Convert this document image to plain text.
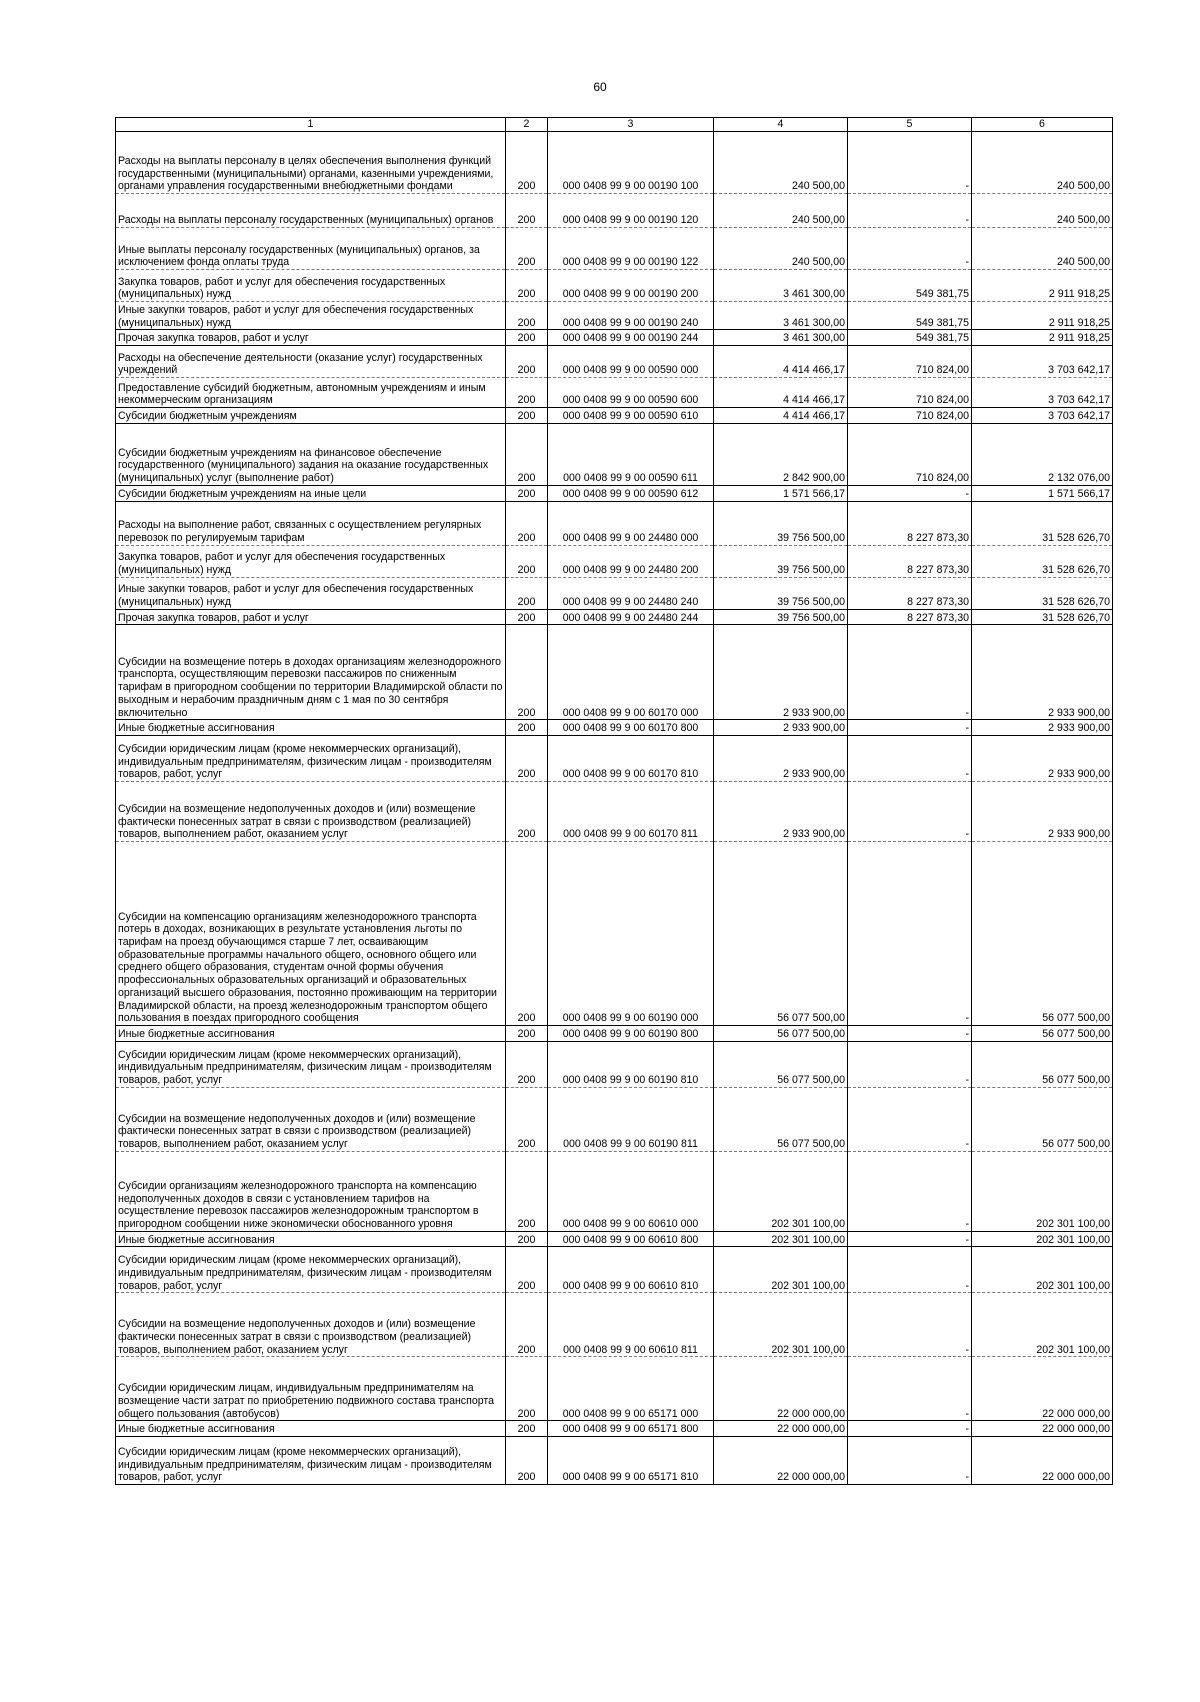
60
1	2	3	4	5	6
Расходы на выплаты персоналу в целях обеспечения выполнения функций государственными (муниципальными) органами, казенными учреждениями, органами управления государственными внебюджетными фондами	200	000 0408 99 9 00 00190 100	240 500,00	-	240 500,00
Расходы на выплаты персоналу государственных (муниципальных) органов	200	000 0408 99 9 00 00190 120	240 500,00	-	240 500,00
Иные выплаты персоналу государственных (муниципальных) органов, за исключением фонда оплаты труда	200	000 0408 99 9 00 00190 122	240 500,00	-	240 500,00
Закупка товаров, работ и услуг для обеспечения государственных (муниципальных) нужд	200	000 0408 99 9 00 00190 200	3 461 300,00	549 381,75	2 911 918,25
Иные закупки товаров, работ и услуг для обеспечения государственных (муниципальных) нужд	200	000 0408 99 9 00 00190 240	3 461 300,00	549 381,75	2 911 918,25
Прочая закупка товаров, работ и услуг	200	000 0408 99 9 00 00190 244	3 461 300,00	549 381,75	2 911 918,25
Расходы на обеспечение деятельности (оказание услуг) государственных учреждений	200	000 0408 99 9 00 00590 000	4 414 466,17	710 824,00	3 703 642,17
Предоставление субсидий бюджетным, автономным учреждениям и иным некоммерческим организациям	200	000 0408 99 9 00 00590 600	4 414 466,17	710 824,00	3 703 642,17
Субсидии бюджетным учреждениям	200	000 0408 99 9 00 00590 610	4 414 466,17	710 824,00	3 703 642,17
Субсидии бюджетным учреждениям на финансовое обеспечение государственного (муниципального) задания на оказание государственных (муниципальных) услуг (выполнение работ)	200	000 0408 99 9 00 00590 611	2 842 900,00	710 824,00	2 132 076,00
Субсидии бюджетным учреждениям на иные цели	200	000 0408 99 9 00 00590 612	1 571 566,17	-	1 571 566,17
Расходы на выполнение работ, связанных с осуществлением регулярных перевозок по регулируемым тарифам	200	000 0408 99 9 00 24480 000	39 756 500,00	8 227 873,30	31 528 626,70
Закупка товаров, работ и услуг для обеспечения государственных (муниципальных) нужд	200	000 0408 99 9 00 24480 200	39 756 500,00	8 227 873,30	31 528 626,70
Иные закупки товаров, работ и услуг для обеспечения государственных (муниципальных) нужд	200	000 0408 99 9 00 24480 240	39 756 500,00	8 227 873,30	31 528 626,70
Прочая закупка товаров, работ и услуг	200	000 0408 99 9 00 24480 244	39 756 500,00	8 227 873,30	31 528 626,70
Субсидии на возмещение потерь в доходах организациям железнодорожного транспорта, осуществляющим перевозки пассажиров по сниженным тарифам в пригородном сообщении по территории Владимирской области по выходным и нерабочим праздничным дням с 1 мая по 30 сентября включительно	200	000 0408 99 9 00 60170 000	2 933 900,00	-	2 933 900,00
Иные бюджетные ассигнования	200	000 0408 99 9 00 60170 800	2 933 900,00	-	2 933 900,00
Субсидии юридическим лицам (кроме некоммерческих организаций), индивидуальным предпринимателям, физическим лицам - производителям товаров, работ, услуг	200	000 0408 99 9 00 60170 810	2 933 900,00	-	2 933 900,00
Субсидии на возмещение недополученных доходов и (или) возмещение фактически понесенных затрат в связи с производством (реализацией) товаров, выполнением работ, оказанием услуг	200	000 0408 99 9 00 60170 811	2 933 900,00	-	2 933 900,00
Субсидии на компенсацию организациям железнодорожного транспорта потерь в доходах, возникающих в результате установления льготы по тарифам на проезд обучающимся старше 7 лет, осваивающим образовательные программы начального общего, основного общего или среднего общего образования, студентам очной формы обучения профессиональных образовательных организаций и образовательных организаций высшего образования, постоянно проживающим на территории Владимирской области, на проезд железнодорожным транспортом общего пользования в поездах пригородного сообщения	200	000 0408 99 9 00 60190 000	56 077 500,00	-	56 077 500,00
Иные бюджетные ассигнования	200	000 0408 99 9 00 60190 800	56 077 500,00	-	56 077 500,00
Субсидии юридическим лицам (кроме некоммерческих организаций), индивидуальным предпринимателям, физическим лицам - производителям товаров, работ, услуг	200	000 0408 99 9 00 60190 810	56 077 500,00	-	56 077 500,00
Субсидии на возмещение недополученных доходов и (или) возмещение фактически понесенных затрат в связи с производством (реализацией) товаров, выполнением работ, оказанием услуг	200	000 0408 99 9 00 60190 811	56 077 500,00	-	56 077 500,00
Субсидии организациям железнодорожного транспорта на компенсацию недополученных доходов в связи с установлением тарифов на осуществление перевозок пассажиров железнодорожным транспортом в пригородном сообщении ниже экономически обоснованного уровня	200	000 0408 99 9 00 60610 000	202 301 100,00	-	202 301 100,00
Иные бюджетные ассигнования	200	000 0408 99 9 00 60610 800	202 301 100,00	-	202 301 100,00
Субсидии юридическим лицам (кроме некоммерческих организаций), индивидуальным предпринимателям, физическим лицам - производителям товаров, работ, услуг	200	000 0408 99 9 00 60610 810	202 301 100,00	-	202 301 100,00
Субсидии на возмещение недополученных доходов и (или) возмещение фактически понесенных затрат в связи с производством (реализацией) товаров, выполнением работ, оказанием услуг	200	000 0408 99 9 00 60610 811	202 301 100,00	-	202 301 100,00
Субсидии юридическим лицам, индивидуальным предпринимателям на возмещение части затрат по приобретению подвижного состава транспорта общего пользования (автобусов)	200	000 0408 99 9 00 65171 000	22 000 000,00	-	22 000 000,00
Иные бюджетные ассигнования	200	000 0408 99 9 00 65171 800	22 000 000,00	-	22 000 000,00
Субсидии юридическим лицам (кроме некоммерческих организаций), индивидуальным предпринимателям, физическим лицам - производителям товаров, работ, услуг	200	000 0408 99 9 00 65171 810	22 000 000,00	-	22 000 000,00
